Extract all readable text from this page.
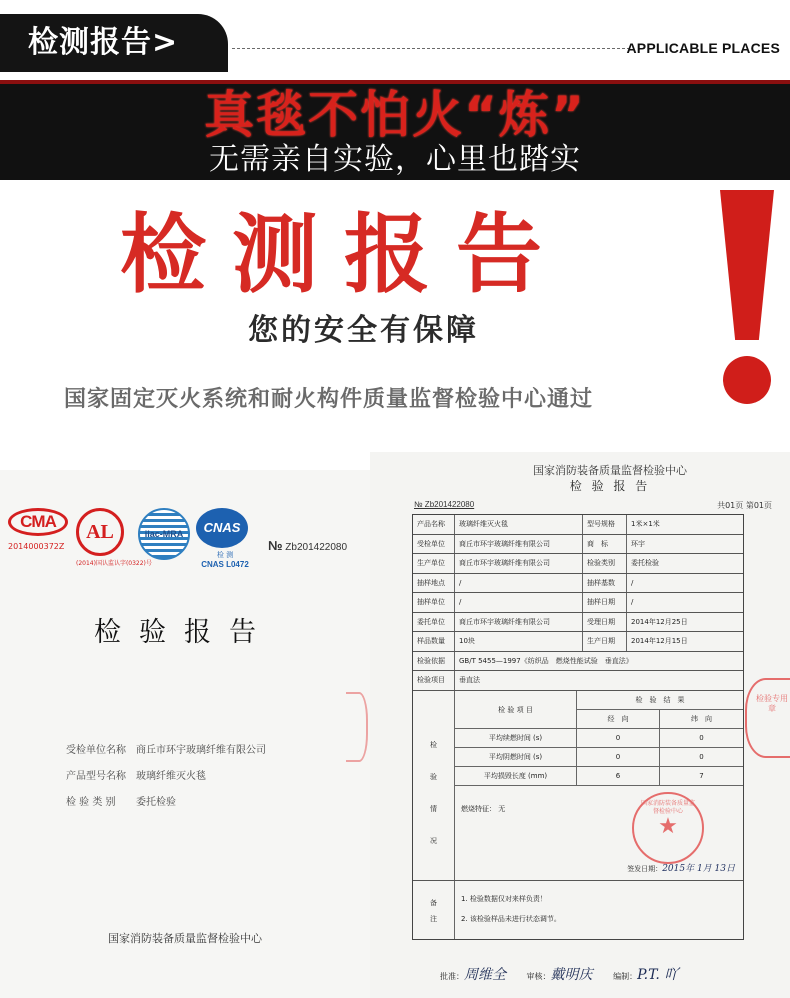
检测报告>	APPLICABLE PLACES
真毯不怕火“炼”
无需亲自实验，心里也踏实
检测报告
您的安全有保障
国家固定灭火系统和耐火构件质量监督检验中心通过
CMA
2014000372Z
AL
(2014)国认监认字(0322)号
ilac-MRA	CNAS
检 测
CNAS L0472
№ Zb201422080
检验报告
受检单位名称 商丘市环宇玻璃纤维有限公司
产品型号名称 玻璃纤维灭火毯
检 验 类 别 委托检验
国家消防装备质量监督检验中心
国家消防装备质量监督检验中心
检 验 报 告
№ Zb201422080	共01页 第01页
产品名称	玻璃纤维灭火毯	型号规格	1米×1米
受检单位	商丘市环宇玻璃纤维有限公司	商　标	环宇
生产单位	商丘市环宇玻璃纤维有限公司	检验类别	委托检验
抽样地点	/	抽样基数	/
抽样单位	/	抽样日期	/
委托单位	商丘市环宇玻璃纤维有限公司	受理日期	2014年12月25日
样品数量	10块	生产日期	2014年12月15日
检验依据	GB/T 5455—1997《纺织品　燃烧性能试验　垂直法》
检验项目	垂直法
检
验
情
况
检 验 项 目
检　验　结　果
经　向	纬　向
平均续燃时间 (s)	0	0
平均阴燃时间 (s)	0	0
平均损毁长度 (mm)	6	7
燃烧特征： 无
签发日期：2015年 1月 13日
备
注
1. 检验数据仅对来样负责！
2. 该检验样品未进行状态调节。
国家消防装备质量监督检验中心
★
批准：周维全	审核：戴明庆	编制：P.T. 吖
检验专用章
